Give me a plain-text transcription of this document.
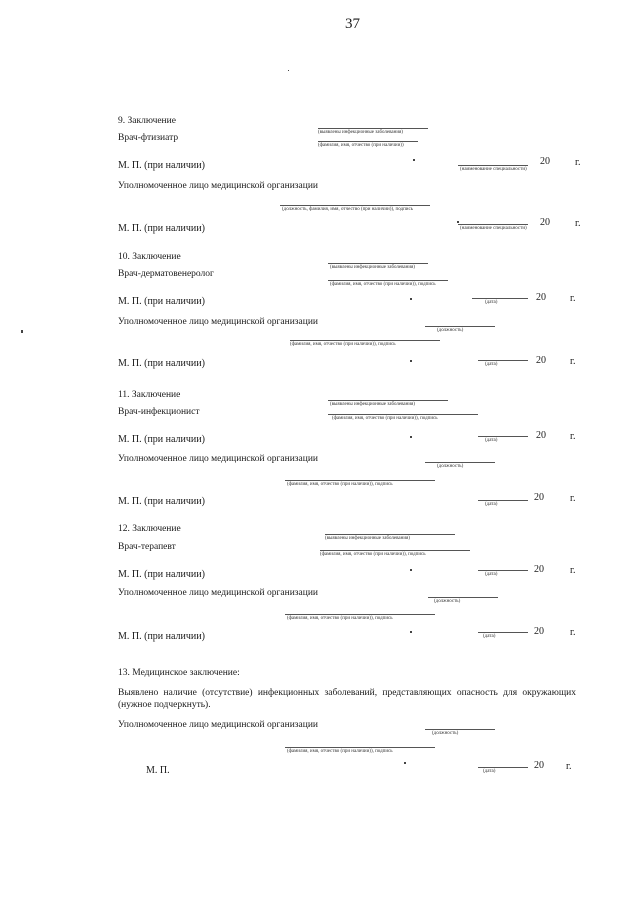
37
9. Заключение
Врач-фтизиатр
(выявлены инфекционные заболевания)
(фамилия, имя, отчество (при наличии))
М. П. (при наличии)	(наименование специальности)
20	г.
Уполномоченное лицо медицинской организации
(должность, фамилия, имя, отчество (при наличии)), подпись
М. П. (при наличии)	(наименование специальности)
20	г.
10. Заключение
Врач-дерматовенеролог
(выявлены инфекционные заболевания)
(фамилия, имя, отчество (при наличии)), подпись
М. П. (при наличии)	(дата)	20 г.
Уполномоченное лицо медицинской организации
(должность)
(фамилия, имя, отчество (при наличии)), подпись
М. П. (при наличии)	(дата)	20 г.
11. Заключение
Врач-инфекционист
(выявлены инфекционные заболевания)
(фамилия, имя, отчество (при наличии)), подпись
М. П. (при наличии)	(дата)	20 г.
Уполномоченное лицо медицинской организации
(должность)
(фамилия, имя, отчество (при наличии)), подпись
М. П. (при наличии)	20	г.
(дата)
12. Заключение
Врач-терапевт
(выявлены инфекционные заболевания)
(фамилия, имя, отчество (при наличии)), подпись
М. П. (при наличии)	(дата)	20	г.
Уполномоченное лицо медицинской организации
(должность)
(фамилия, имя, отчество (при наличии)), подпись
М. П. (при наличии)	(дата)	20	г.
13. Медицинское заключение:
Выявлено наличие (отсутствие) инфекционных заболеваний, представляющих опасность для окружающих (нужное подчеркнуть).
Уполномоченное лицо медицинской организации
(должность)
(фамилия, имя, отчество (при наличии)), подпись
М. П.	(дата)
20 г.
